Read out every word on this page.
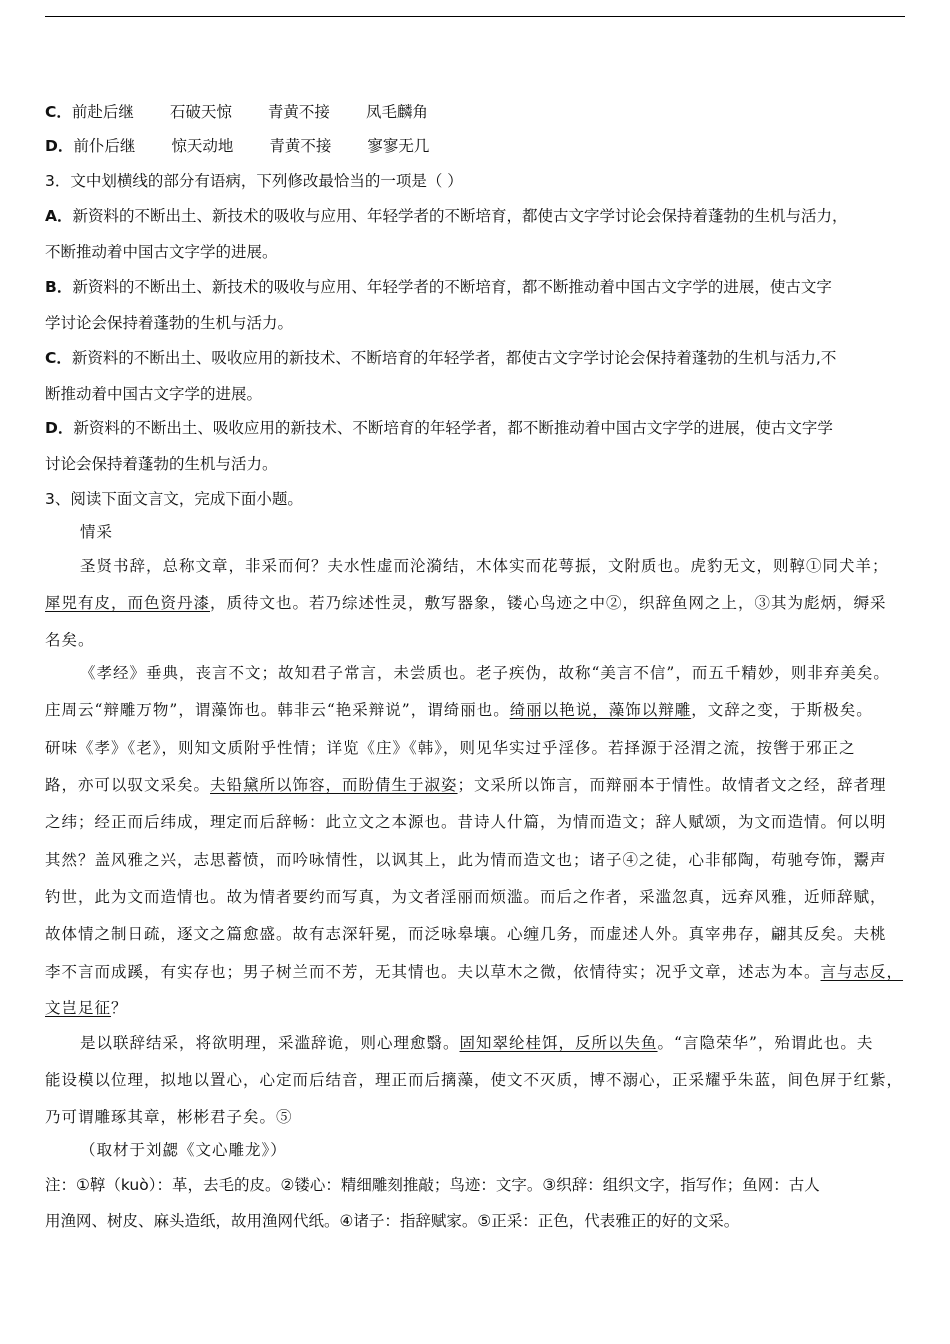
C．前赴后继 石破天惊 青黄不接 凤毛麟角
D．前仆后继 惊天动地 青黄不接 寥寥无几
3．文中划横线的部分有语病，下列修改最恰当的一项是（ ）
A．新资料的不断出土、新技术的吸收与应用、年轻学者的不断培育，都使古文字学讨论会保持着蓬勃的生机与活力，
不断推动着中国古文字学的进展。
B．新资料的不断出土、新技术的吸收与应用、年轻学者的不断培育，都不断推动着中国古文字学的进展，使古文字
学讨论会保持着蓬勃的生机与活力。
C．新资料的不断出土、吸收应用的新技术、不断培育的年轻学者，都使古文字学讨论会保持着蓬勃的生机与活力,不
断推动着中国古文字学的进展。
D．新资料的不断出土、吸收应用的新技术、不断培育的年轻学者，都不断推动着中国古文字学的进展，使古文字学
讨论会保持着蓬勃的生机与活力。
3、阅读下面文言文，完成下面小题。
情采
圣贤书辞，总称文章，非采而何？夫水性虚而沦漪结，木体实而花萼振，文附质也。虎豹无文，则鞟①同犬羊；
犀兕有皮，而色资丹漆，质待文也。若乃综述性灵，敷写器象，镂心鸟迹之中②，织辞鱼网之上，③其为彪炳，缛采
名矣。
《孝经》垂典，丧言不文；故知君子常言，未尝质也。老子疾伪，故称“美言不信”，而五千精妙，则非弃美矣。
庄周云“辩雕万物”，谓藻饰也。韩非云“艳采辩说”，谓绮丽也。绮丽以艳说，藻饰以辩雕，文辞之变，于斯极矣。
研味《孝》《老》，则知文质附乎性情；详览《庄》《韩》，则见华实过乎淫侈。若择源于泾渭之流，按辔于邪正之
路，亦可以驭文采矣。夫铅黛所以饰容，而盼倩生于淑姿；文采所以饰言，而辩丽本于情性。故情者文之经，辞者理
之纬；经正而后纬成，理定而后辞畅：此立文之本源也。昔诗人什篇，为情而造文；辞人赋颂，为文而造情。何以明
其然？盖风雅之兴，志思蓄愤，而吟咏情性，以讽其上，此为情而造文也；诸子④之徒，心非郁陶，苟驰夸饰，鬻声
钓世，此为文而造情也。故为情者要约而写真，为文者淫丽而烦滥。而后之作者，采滥忽真，远弃风雅，近师辞赋，
故体情之制日疏，逐文之篇愈盛。故有志深轩冕，而泛咏皋壤。心缠几务，而虚述人外。真宰弗存，翩其反矣。夫桃
李不言而成蹊，有实存也；男子树兰而不芳，无其情也。夫以草木之微，依情待实；况乎文章，述志为本。言与志反，
文岂足征？
是以联辞结采，将欲明理，采滥辞诡，则心理愈翳。固知翠纶桂饵，反所以失鱼。“言隐荣华”，殆谓此也。夫
能设模以位理，拟地以置心，心定而后结音，理正而后摛藻，使文不灭质，博不溺心，正采耀乎朱蓝，间色屏于红紫，
乃可谓雕琢其章，彬彬君子矣。⑤
（取材于刘勰《文心雕龙》）
注：①鞟（kuò）：革，去毛的皮。②镂心：精细雕刻推敲；鸟迹：文字。③织辞：组织文字，指写作；鱼网：古人
用渔网、树皮、麻头造纸，故用渔网代纸。④诸子：指辞赋家。⑤正采：正色，代表雅正的好的文采。
